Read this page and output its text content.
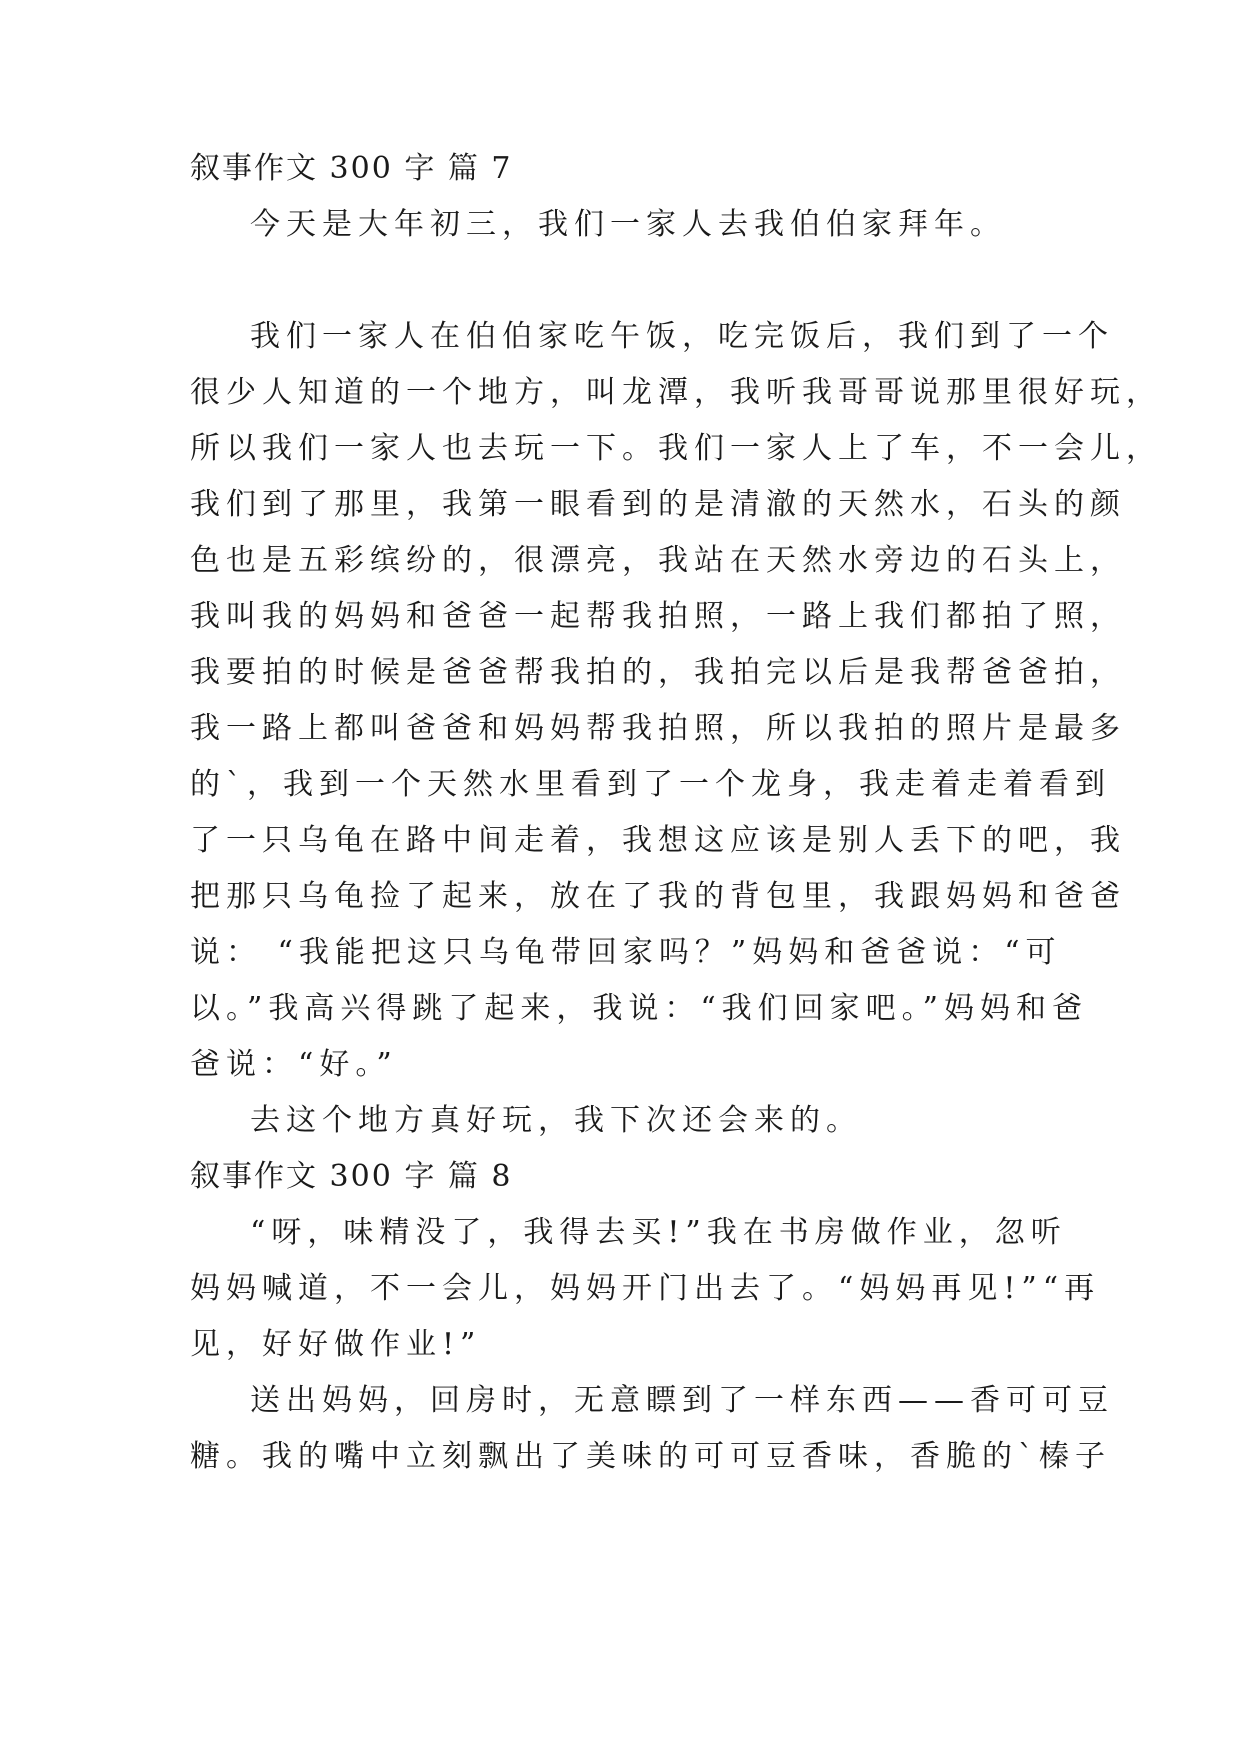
叙事作文 300 字 篇 7
今天是大年初三，我们一家人去我伯伯家拜年。
我们一家人在伯伯家吃午饭，吃完饭后，我们到了一个
很少人知道的一个地方，叫龙潭，我听我哥哥说那里很好玩，
所以我们一家人也去玩一下。我们一家人上了车，不一会儿，
我们到了那里，我第一眼看到的是清澈的天然水，石头的颜
色也是五彩缤纷的，很漂亮，我站在天然水旁边的石头上，
我叫我的妈妈和爸爸一起帮我拍照，一路上我们都拍了照，
我要拍的时候是爸爸帮我拍的，我拍完以后是我帮爸爸拍，
我一路上都叫爸爸和妈妈帮我拍照，所以我拍的照片是最多
的`，我到一个天然水里看到了一个龙身，我走着走着看到
了一只乌龟在路中间走着，我想这应该是别人丢下的吧，我
把那只乌龟捡了起来，放在了我的背包里，我跟妈妈和爸爸
说： “我能把这只乌龟带回家吗？”妈妈和爸爸说：“可
以。”我高兴得跳了起来，我说：“我们回家吧。”妈妈和爸
爸说：“好。”
去这个地方真好玩，我下次还会来的。
叙事作文 300 字 篇 8
“呀，味精没了，我得去买!”我在书房做作业，忽听
妈妈喊道，不一会儿，妈妈开门出去了。“妈妈再见!”“再
见，好好做作业!”
送出妈妈，回房时，无意瞟到了一样东西——香可可豆
糖。我的嘴中立刻飘出了美味的可可豆香味，香脆的`榛子
